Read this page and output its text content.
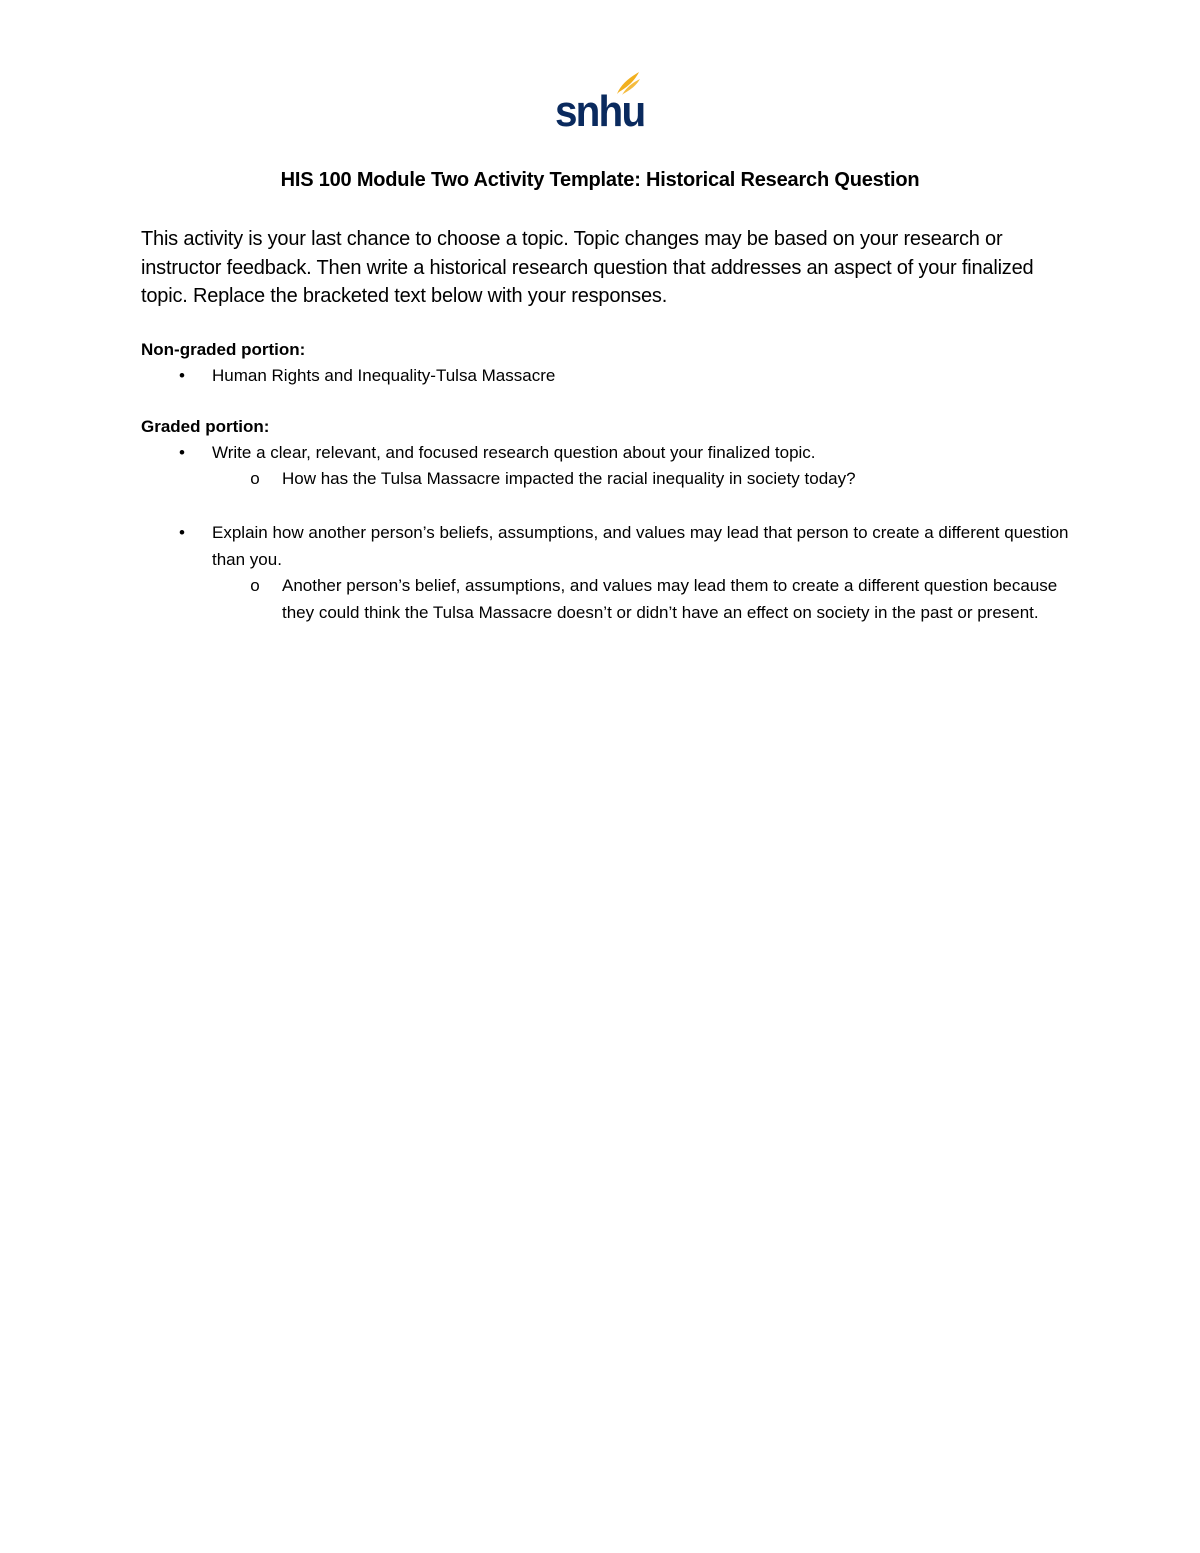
snhu
HIS 100 Module Two Activity Template: Historical Research Question
This activity is your last chance to choose a topic. Topic changes may be based on your research or instructor feedback. Then write a historical research question that addresses an aspect of your finalized topic. Replace the bracketed text below with your responses.
Non-graded portion:
• Human Rights and Inequality-Tulsa Massacre
Graded portion:
• Write a clear, relevant, and focused research question about your finalized topic.
o How has the Tulsa Massacre impacted the racial inequality in society today?
• Explain how another person’s beliefs, assumptions, and values may lead that person to create a different question than you.
o Another person’s belief, assumptions, and values may lead them to create a different question because they could think the Tulsa Massacre doesn’t or didn’t have an effect on society in the past or present.
